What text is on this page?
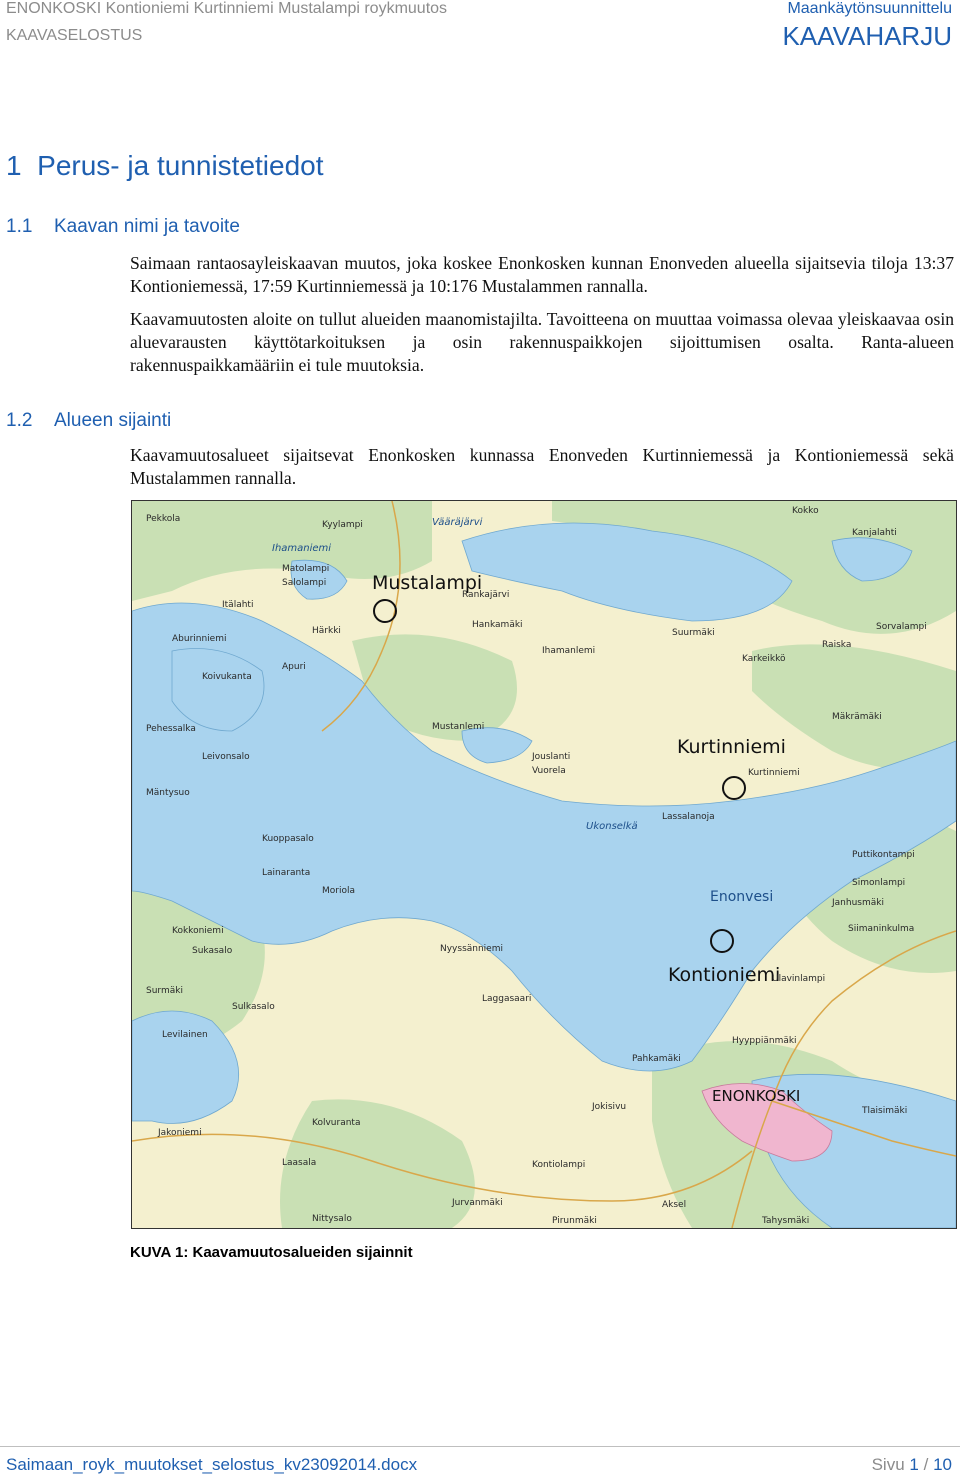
ENONKOSKI Kontioniemi Kurtinniemi Mustalampi roykmuutos
KAAVASELOSTUS
Maankäytönsuunnittelu
KAAVAHARJU
1 Perus- ja tunnistetiedot
1.1 Kaavan nimi ja tavoite
Saimaan rantaosayleiskaavan muutos, joka koskee Enonkosken kunnan Enonveden alueella sijaitsevia tiloja 13:37 Kontioniemessä, 17:59 Kurtinniemessä ja 10:176 Mustalammen rannalla.
Kaavamuutosten aloite on tullut alueiden maanomistajilta. Tavoitteena on muuttaa voimassa olevaa yleiskaavaa osin aluevarausten käyttötarkoituksen ja osin rakennuspaikkojen sijoittumisen osalta. Ranta-alueen rakennuspaikkamääriin ei tule muutoksia.
1.2 Alueen sijainti
Kaavamuutosalueet sijaitsevat Enonkosken kunnassa Enonveden Kurtinniemessä ja Kontioniemessä sekä Mustalammen rannalla.
Mustalampi
Kurtinniemi
Kontioniemi
Enonvesi
ENONKOSKI
Pekkola
Kyylampi	Vääräjärvi
Kokko
Ihamaniemi
Matolampi
Salolampi
Itälahti
Härkki
Hankamäki
Rankajärvi
Ihamanlemi
Suurmäki
Karkeikkö
Raiska
Kanjalahti
Sorvalampi
Aburinniemi
Apuri
Koivukanta
Pehessalka	Mustanlemi
Mäkrämäki
Jouslanti
Vuorela
Leivonsalo
Kurtinniemi
Ukonselkä
Lassalanoja
Mäntysuo
Kuoppasalo
Puttikontampi
Simonlampi
Lainaranta
Moriola
Janhusmäki
Siimaninkulma
Surmäki
Nyyssänniemi
Kokkoniemi
Hyyppiänmäki
Ulavinlampi
Laggasaari
Sukasalo
Sulkasalo
Levilainen
Pahkamäki
Jokisivu	Tlaisimäki
Jakoniemi
Kolvuranta
Laasala	Kontiolampi
Aksel
Tahysmäki
Nittysalo
Jurvanmäki
Pirunmäki
KUVA 1: Kaavamuutosalueiden sijainnit
Saimaan_royk_muutokset_selostus_kv23092014.docx	Sivu 1 / 10
